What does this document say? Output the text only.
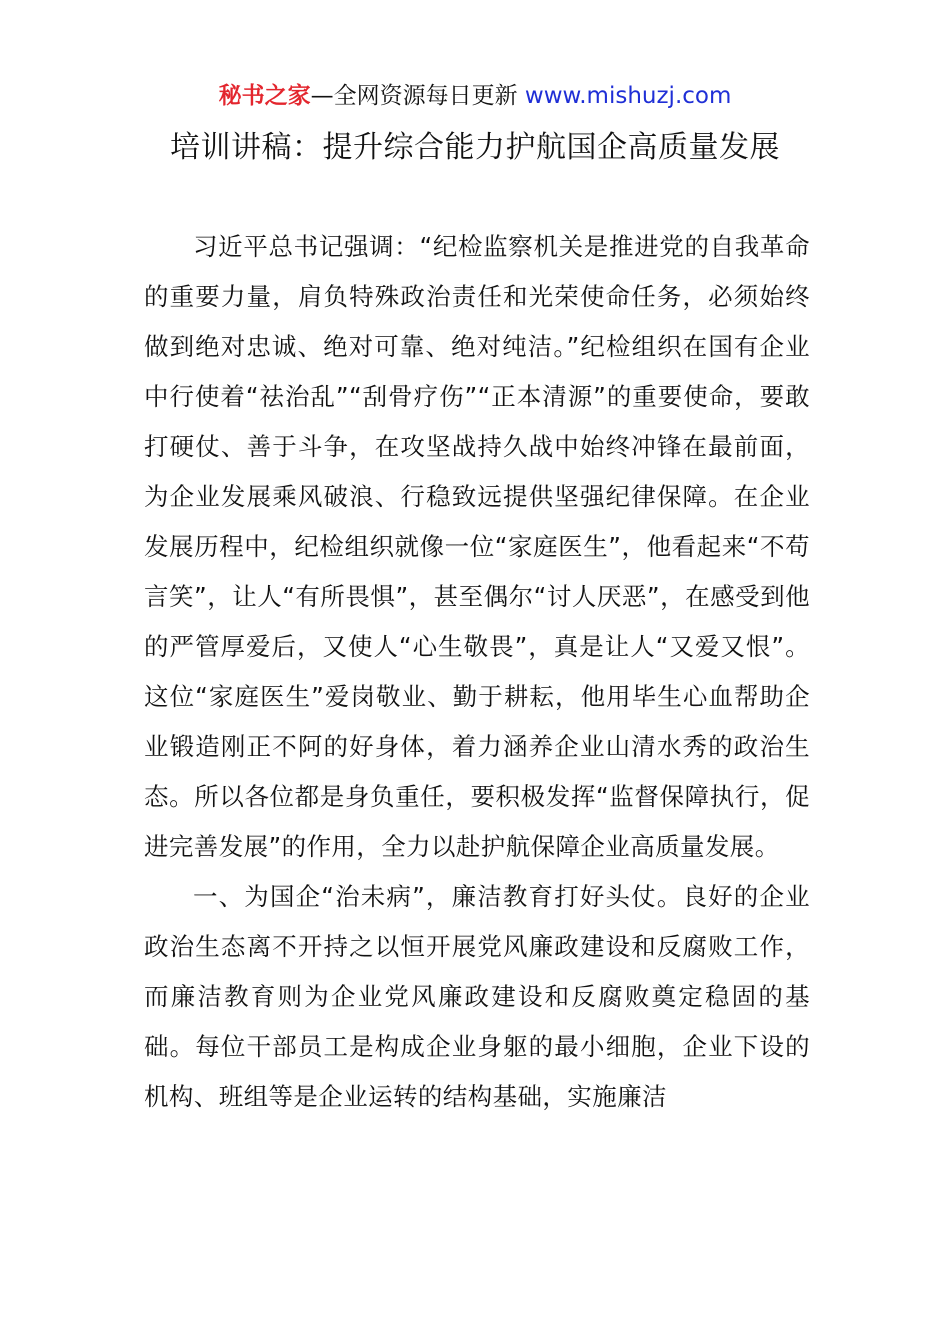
秘书之家—全网资源每日更新 www.mishuzj.com
培训讲稿：提升综合能力护航国企高质量发展

习近平总书记强调：“纪检监察机关是推进党的自我革命的重要力量，肩负特殊政治责任和光荣使命任务，必须始终做到绝对忠诚、绝对可靠、绝对纯洁。”纪检组织在国有企业中行使着“祛治乱”“刮骨疗伤”“正本清源”的重要使命，要敢打硬仗、善于斗争，在攻坚战持久战中始终冲锋在最前面，为企业发展乘风破浪、行稳致远提供坚强纪律保障。在企业发展历程中，纪检组织就像一位“家庭医生”，他看起来“不苟言笑”，让人“有所畏惧”，甚至偶尔“讨人厌恶”，在感受到他的严管厚爱后，又使人“心生敬畏”，真是让人“又爱又恨”。这位“家庭医生”爱岗敬业、勤于耕耘，他用毕生心血帮助企业锻造刚正不阿的好身体，着力涵养企业山清水秀的政治生态。所以各位都是身负重任，要积极发挥“监督保障执行，促进完善发展”的作用，全力以赴护航保障企业高质量发展。

一、为国企“治未病”，廉洁教育打好头仗。良好的企业政治生态离不开持之以恒开展党风廉政建设和反腐败工作，而廉洁教育则为企业党风廉政建设和反腐败奠定稳固的基础。每位干部员工是构成企业身躯的最小细胞，企业下设的机构、班组等是企业运转的结构基础，实施廉洁
